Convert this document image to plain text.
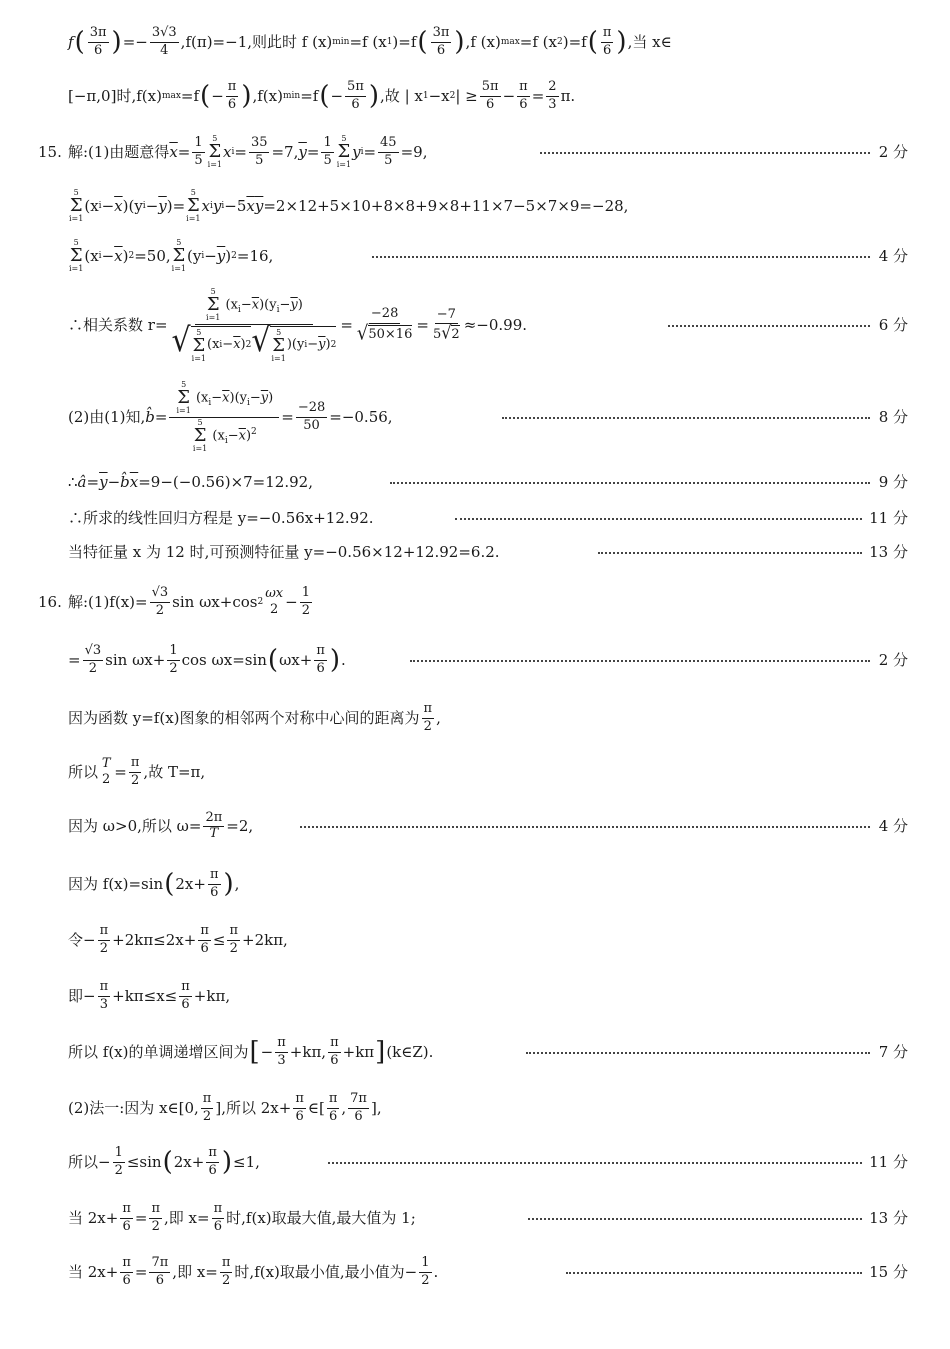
f ( $\frac{3\pi}{6}$ ) =− $\frac{3√3}{4} ,f(\pi)=-1$,则此时 f (x) min =f (x 1 )=f ( $\frac{3\pi}{6}$ ) ,f (x) max =f (x 2 )=f ( $\frac{\pi}{6}$ ) ,当 x∈
[−π,0]时,f(x) max =f ( − $\frac{\pi}{6}$ ) ,f(x) min =f ( − $\frac{5\pi}{6}$ ) ,故 | x 1 −x 2 | ≥ $\frac{5\pi}{6} - \frac{\pi}{6} = \frac{2}{3} \pi$.
15. 解:(1)由题意得 $\overline{x} = \frac{1}{5} 5$
Σ
i=1
x $i = \frac{35}{5} =7$, $\overline{y} = \frac{1}{5} 5$
Σ
i=1
y $i = \frac{45}{5} =9$,	2 分
5
Σ
i=1
(x $i - \overline{x}$ )(y $i - \overline{y}$ )=
5
Σ
i=1
x i y i −5 $\overline{x}$ $\overline{y} =2\times 12+5\times 10+8\times 8+9\times 8+11\times 7-5\times 7\times 9=-28$,
5
Σ
i=1
(x $i - \overline{x}$ ) 2 =50,
5
Σ
i=1
(y $i - \overline{y}$ ) 2 =16,	4 分
∴相关系数 r=
5
Σ
i=1
$(x_i-\overline{x})(y_i-\overline{y})$
√ 5
Σ
i=1
(x $i - \overline{x}$ ) 2 √ 5
Σ
i=1
)(y $i - \overline{y}$ ) 2
= $\frac{-28}{√ 50\times 16} = \frac{-7}{5 √ 2} \approx-0.99$.	6 分
(2)由(1)知, b = 5
Σ
i=1
$(x_i-\overline{x})(y_i-\overline{y})$
5
Σ
i=1
$(x_i-\overline{x})^2 = \frac{-28}{50} =-0.56$,	8 分
∴ $a = \overline{y} - b$ $\overline{x} =9-(-0.56)\times 7=12.92$,	9 分
∴所求的线性回归方程是 y=−0.56x+12.92.	11 分
当特征量 x 为 12 时,可预测特征量 y=−0.56×12+12.92=6.2.	13 分
16. 解:(1)f(x)= $\frac{√3}{2}$ sin ωx+cos 2
ωx
$2 - \frac{1}{2}$
= $\frac{√3}{2}$ $\sin \omega x+ \frac{1}{2}$ cos ωx=sin ( $\omega x+ \frac{\pi}{6}$ ) .	2 分
因为函数 y=f(x)图象的相邻两个对称中心间的距离为 $\frac{\pi}{2}$ ,
所以 T
$2 = \frac{\pi}{2}$ ,故 T=π,
因为 ω>0,所以 $\omega= \frac{2\pi}{T} =2$,	4 分
因为 f(x)=sin ( $2x+ \frac{\pi}{6}$ ) ,
令− $\frac{\pi}{2} +2k\pi\le 2x+ \frac{\pi}{6} \le \frac{\pi}{2} +2k\pi$,
即− $\frac{\pi}{3} +k\pi\le x\le \frac{\pi}{6} +k\pi$,
所以 f(x)的单调递增区间为 [ − $\frac{\pi}{3} +k\pi$, $\frac{\pi}{6} +k\pi$ ] (k∈Z).	7 分
(2)法一:因为 x∈[0, $\frac{\pi}{2}$ ],所以 $2x+ \frac{\pi}{6}$ ∈[ $\frac{\pi}{6}$ , $\frac{7\pi}{6}$ ],
所以− $\frac{1}{2} \le\sin$ ( $2x+ \frac{\pi}{6}$ ) ≤1,	11 分
当 $2x+ \frac{\pi}{6} = \frac{\pi}{2}$ ,即 $x= \frac{\pi}{6}$ 时,f(x)取最大值,最大值为 1;	13 分
当 $2x+ \frac{\pi}{6} = \frac{7\pi}{6}$ ,即 $x= \frac{\pi}{2}$ 时,f(x)取最小值,最小值为− $\frac{1}{2}$ .	15 分
